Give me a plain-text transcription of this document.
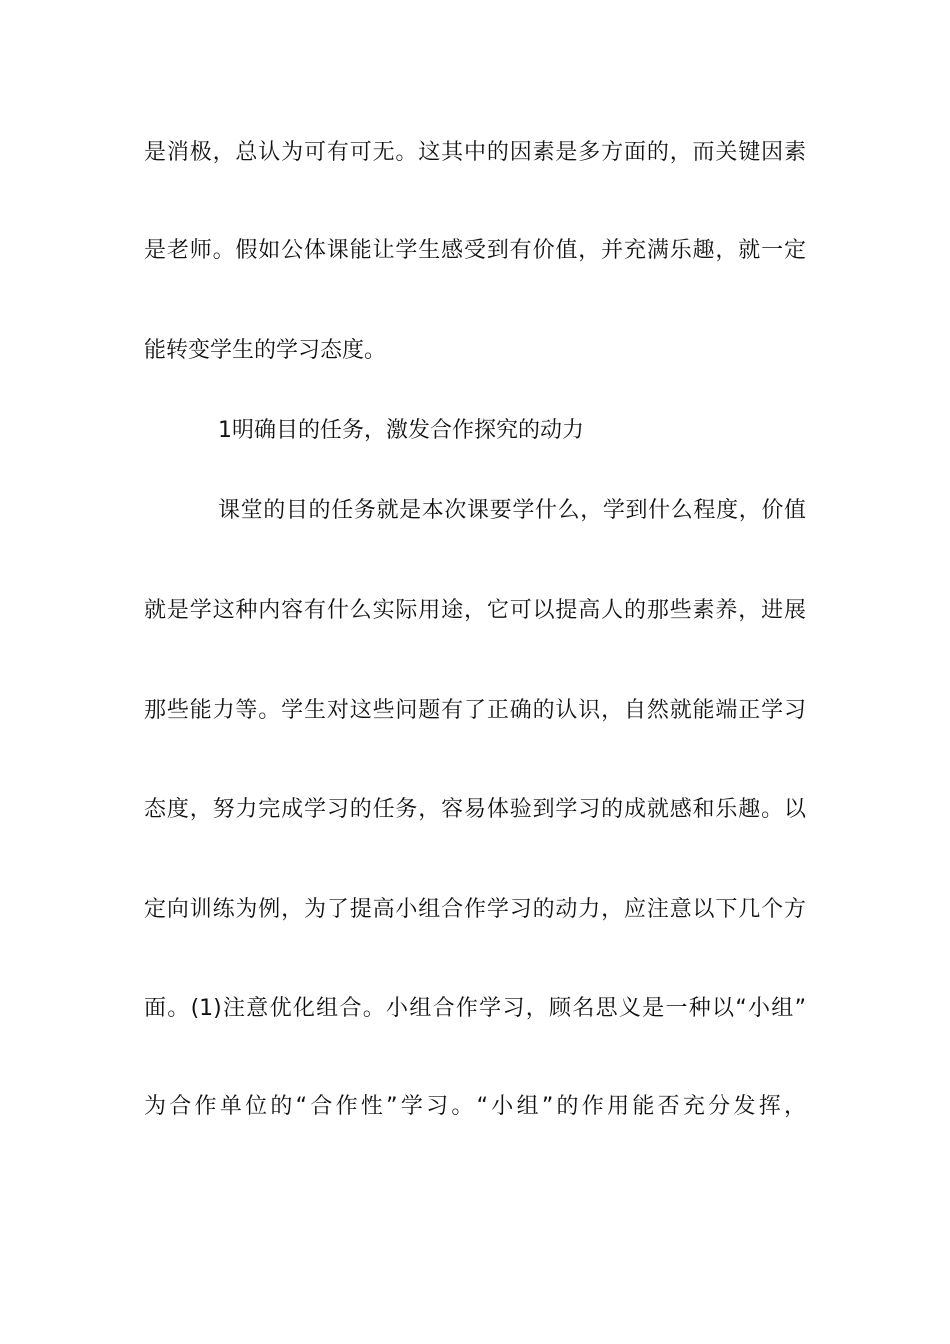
是消极，总认为可有可无。这其中的因素是多方面的，而关键因素
是老师。假如公体课能让学生感受到有价值，并充满乐趣，就一定
能转变学生的学习态度。
1明确目的任务，激发合作探究的动力
课堂的目的任务就是本次课要学什么，学到什么程度，价值
就是学这种内容有什么实际用途，它可以提高人的那些素养，进展
那些能力等。学生对这些问题有了正确的认识，自然就能端正学习
态度，努力完成学习的任务，容易体验到学习的成就感和乐趣。以
定向训练为例，为了提高小组合作学习的动力，应注意以下几个方
面。(1)注意优化组合。小组合作学习，顾名思义是一种以“小组”
为合作单位的“合作性”学习。“小组”的作用能否充分发挥，
